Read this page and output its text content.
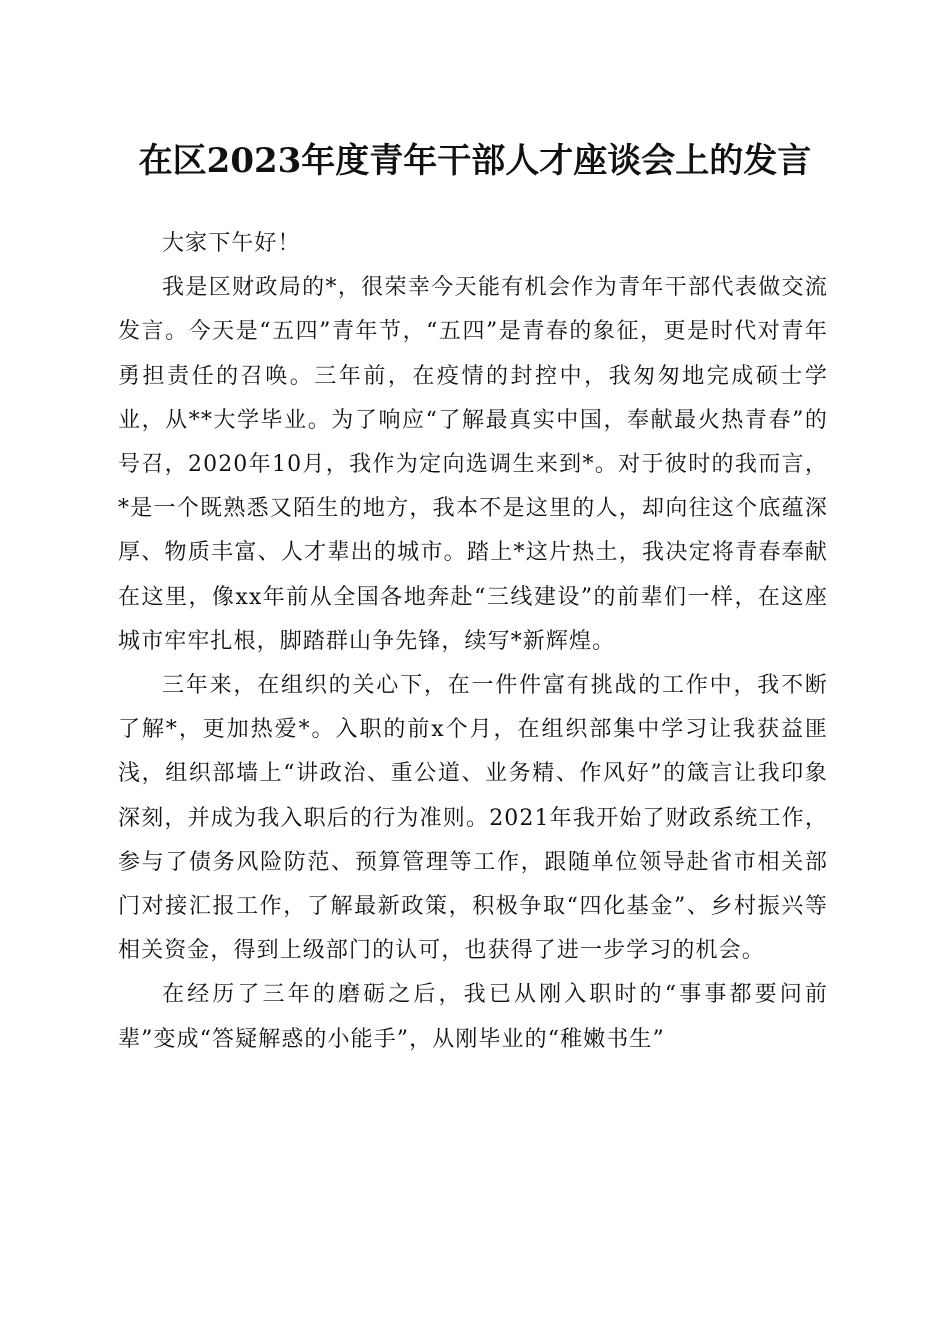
在区2023年度青年干部人才座谈会上的发言

大家下午好！

我是区财政局的*，很荣幸今天能有机会作为青年干部代表做交流发言。今天是“五四”青年节，“五四”是青春的象征，更是时代对青年勇担责任的召唤。三年前，在疫情的封控中，我匆匆地完成硕士学业，从**大学毕业。为了响应“了解最真实中国，奉献最火热青春”的号召，2020年10月，我作为定向选调生来到*。对于彼时的我而言，*是一个既熟悉又陌生的地方，我本不是这里的人，却向往这个底蕴深厚、物质丰富、人才辈出的城市。踏上*这片热土，我决定将青春奉献在这里，像xx年前从全国各地奔赴“三线建设”的前辈们一样，在这座城市牢牢扎根，脚踏群山争先锋，续写*新辉煌。

三年来，在组织的关心下，在一件件富有挑战的工作中，我不断了解*，更加热爱*。入职的前x个月，在组织部集中学习让我获益匪浅，组织部墙上“讲政治、重公道、业务精、作风好”的箴言让我印象深刻，并成为我入职后的行为准则。2021年我开始了财政系统工作，参与了债务风险防范、预算管理等工作，跟随单位领导赴省市相关部门对接汇报工作，了解最新政策，积极争取“四化基金”、乡村振兴等相关资金，得到上级部门的认可，也获得了进一步学习的机会。

在经历了三年的磨砺之后，我已从刚入职时的“事事都要问前辈”变成“答疑解惑的小能手”，从刚毕业的“稚嫩书生”
